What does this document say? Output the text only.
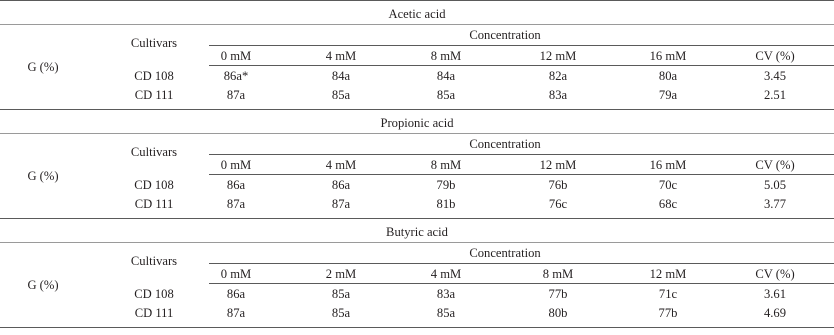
Acetic acid
Cultivars
Concentration
0 mM	4 mM	8 mM	12 mM	16 mM	CV (%)
G (%)
CD 108	86a*	84a	84a	82a	80a	3.45
CD 111	87a	85a	85a	83a	79a	2.51
Propionic acid
Cultivars
Concentration
0 mM	4 mM	8 mM	12 mM	16 mM	CV (%)
G (%)
CD 108	86a	86a	79b	76b	70c	5.05
CD 111	87a	87a	81b	76c	68c	3.77
Butyric acid
Cultivars
Concentration
0 mM	2 mM	4 mM	8 mM	12 mM	CV (%)
G (%)
CD 108	86a	85a	83a	77b	71c	3.61
CD 111	87a	85a	85a	80b	77b	4.69
